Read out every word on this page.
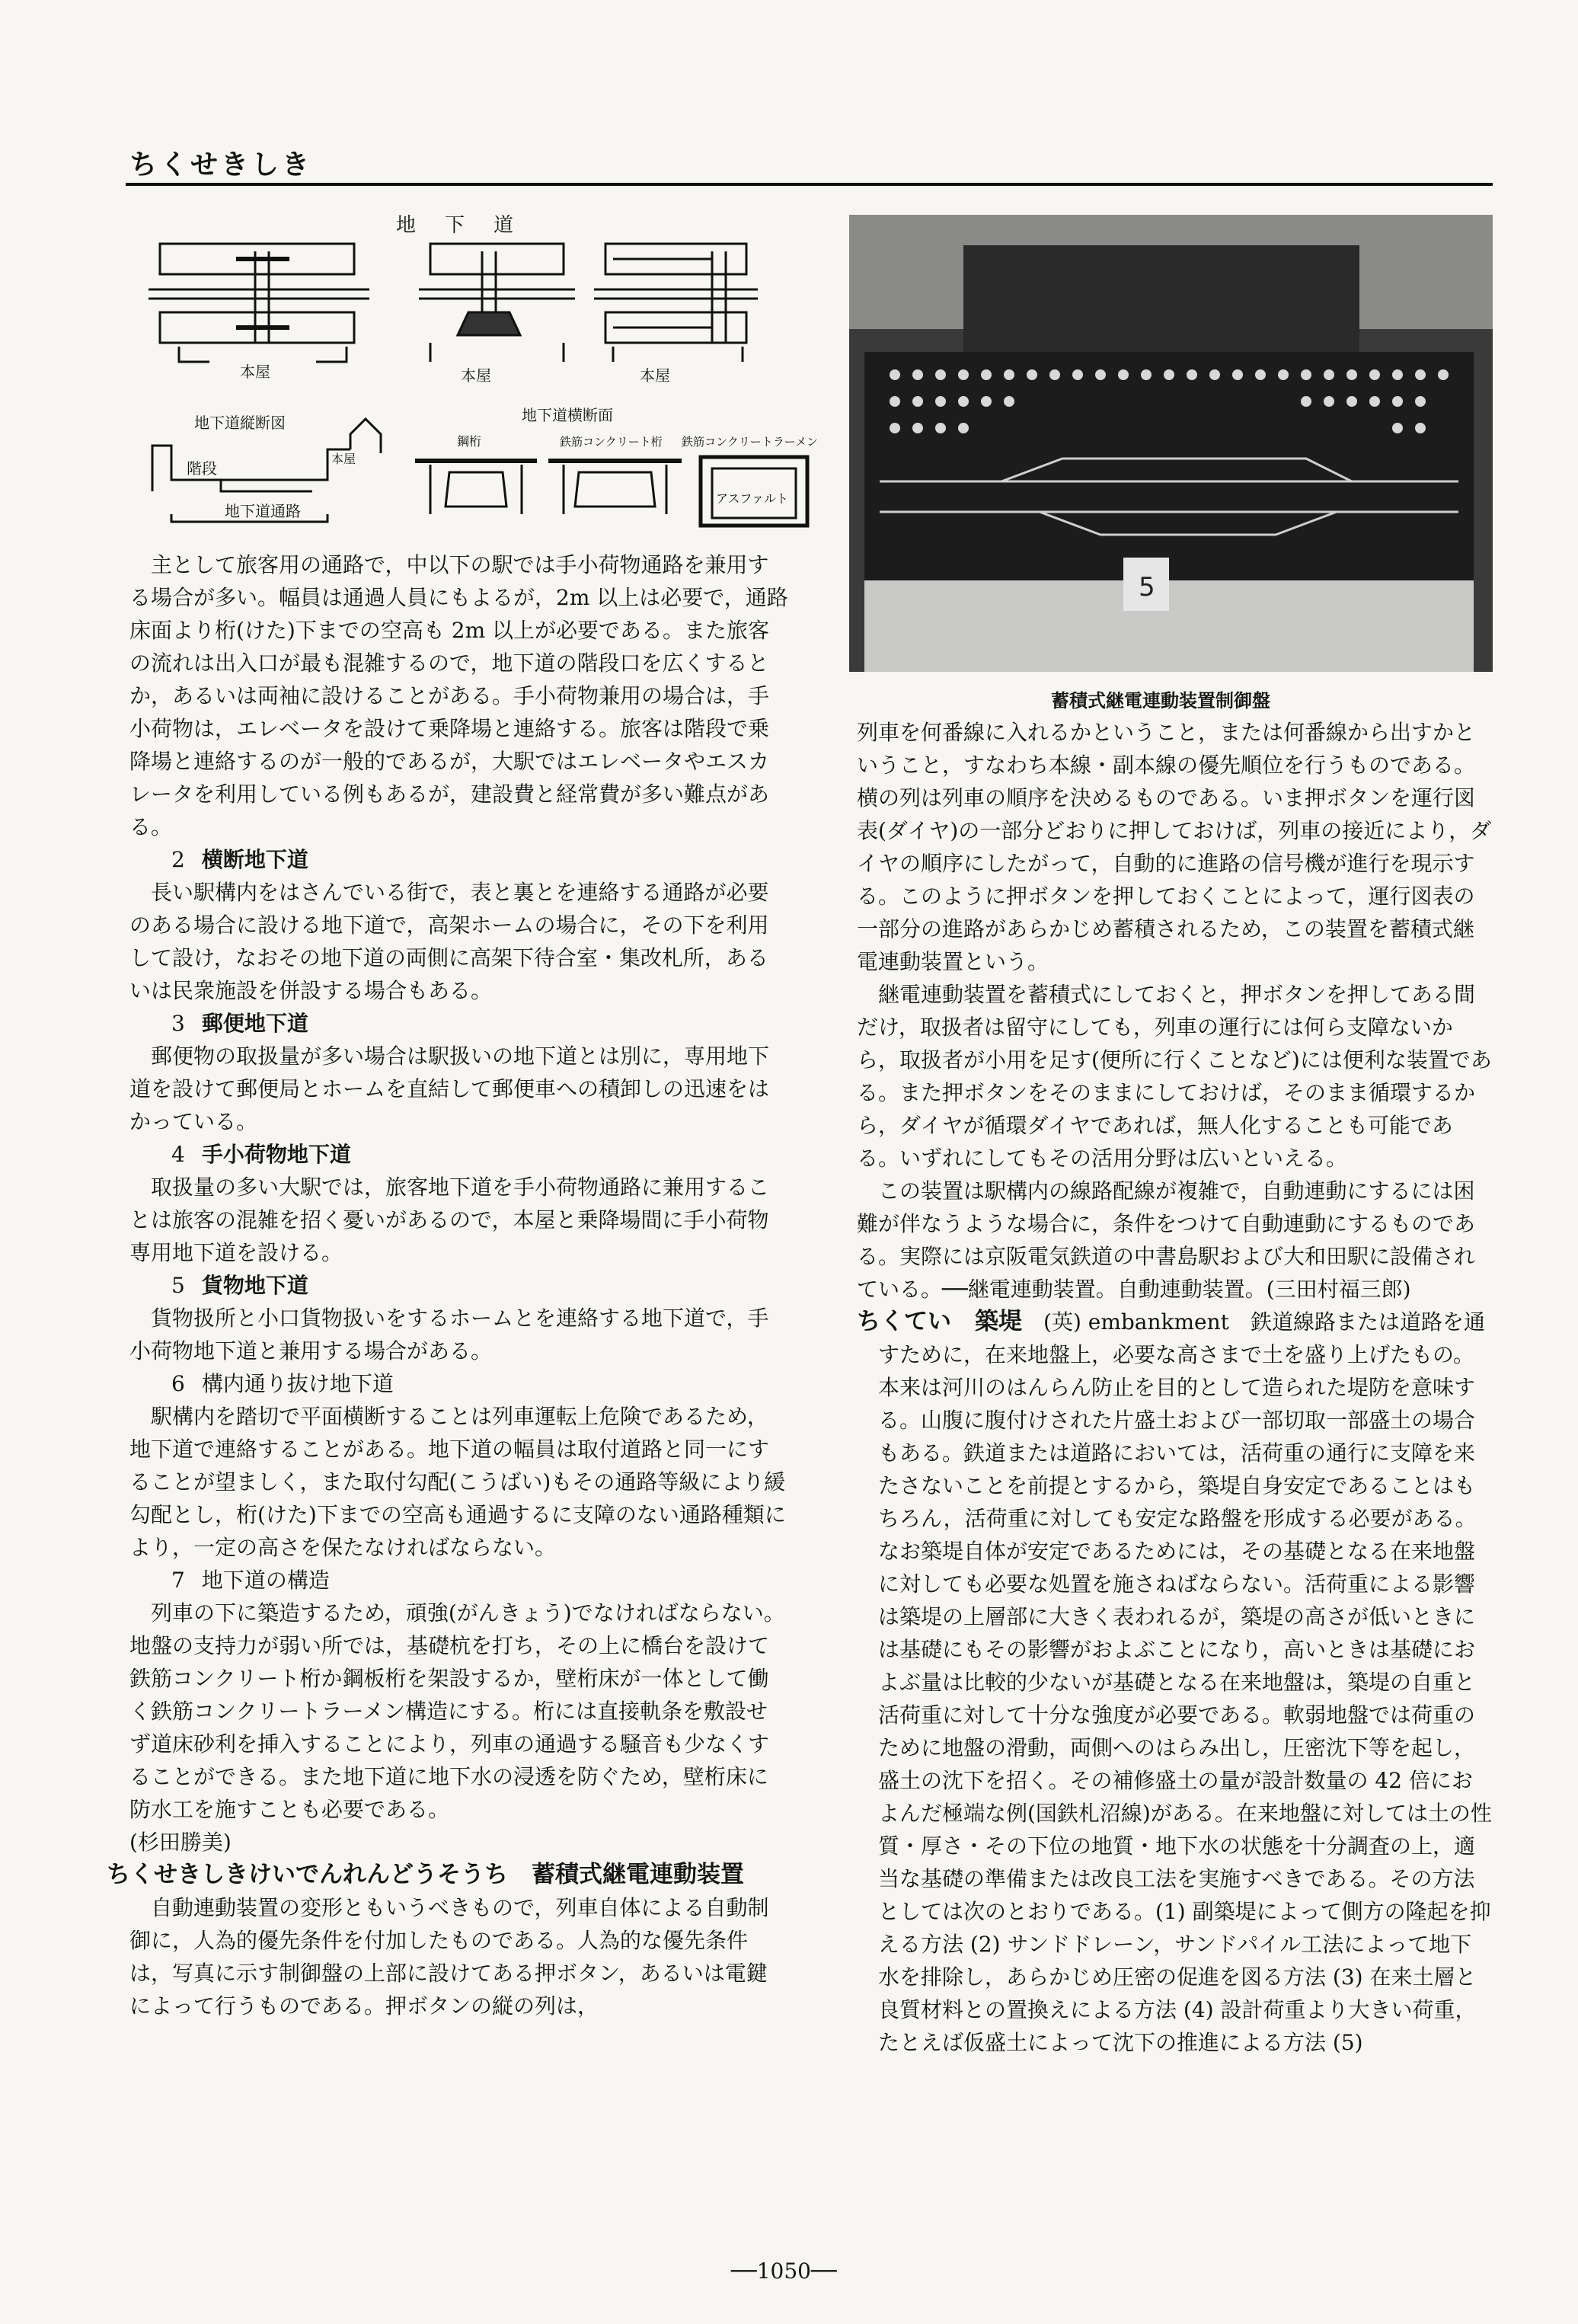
ちくせきしき
地下道
本屋	本屋	本屋
地下道縦断図	地下道横断面
階段
地下道通路
鋼桁	鉄筋コンクリート桁 鉄筋コンクリートラーメン
アスファルト
本屋
5
蓄積式継電連動装置制御盤

主として旅客用の通路で，中以下の駅では手小荷物通路を兼用する場合が多い。幅員は通過人員にもよるが，2m 以上は必要で，通路床面より桁(けた)下までの空高も 2m 以上が必要である。また旅客の流れは出入口が最も混雑するので，地下道の階段口を広くするとか，あるいは両袖に設けることがある。手小荷物兼用の場合は，手小荷物は，エレベータを設けて乗降場と連絡する。旅客は階段で乗降場と連絡するのが一般的であるが，大駅ではエレベータやエスカレータを利用している例もあるが，建設費と経常費が多い難点がある。

2 横断地下道

長い駅構内をはさんでいる街で，表と裏とを連絡する通路が必要のある場合に設ける地下道で，高架ホームの場合に，その下を利用して設け，なおその地下道の両側に高架下待合室・集改札所，あるいは民衆施設を併設する場合もある。

3 郵便地下道

郵便物の取扱量が多い場合は駅扱いの地下道とは別に，専用地下道を設けて郵便局とホームを直結して郵便車への積卸しの迅速をはかっている。

4 手小荷物地下道

取扱量の多い大駅では，旅客地下道を手小荷物通路に兼用することは旅客の混雑を招く憂いがあるので，本屋と乗降場間に手小荷物専用地下道を設ける。

5 貨物地下道

貨物扱所と小口貨物扱いをするホームとを連絡する地下道で，手小荷物地下道と兼用する場合がある。

6 構内通り抜け地下道

駅構内を踏切で平面横断することは列車運転上危険であるため，地下道で連絡することがある。地下道の幅員は取付道路と同一にすることが望ましく，また取付勾配(こうばい)もその通路等級により緩勾配とし，桁(けた)下までの空高も通過するに支障のない通路種類により，一定の高さを保たなければならない。

7 地下道の構造

列車の下に築造するため，頑強(がんきょう)でなければならない。地盤の支持力が弱い所では，基礎杭を打ち，その上に橋台を設けて鉄筋コンクリート桁か鋼板桁を架設するか，壁桁床が一体として働く鉄筋コンクリートラーメン構造にする。桁には直接軌条を敷設せず道床砂利を挿入することにより，列車の通過する騒音も少なくすることができる。また地下道に地下水の浸透を防ぐため，壁桁床に防水工を施すことも必要である。

(杉田勝美)

ちくせきしきけいでんれんどうそうち　蓄積式継電連動装置

自動連動装置の変形ともいうべきもので，列車自体による自動制御に，人為的優先条件を付加したものである。人為的な優先条件は，写真に示す制御盤の上部に設けてある押ボタン，あるいは電鍵によって行うものである。押ボタンの縦の列は，

列車を何番線に入れるかということ，または何番線から出すかということ，すなわち本線・副本線の優先順位を行うものである。横の列は列車の順序を決めるものである。いま押ボタンを運行図表(ダイヤ)の一部分どおりに押しておけば，列車の接近により，ダイヤの順序にしたがって，自動的に進路の信号機が進行を現示する。このように押ボタンを押しておくことによって，運行図表の一部分の進路があらかじめ蓄積されるため，この装置を蓄積式継電連動装置という。

継電連動装置を蓄積式にしておくと，押ボタンを押してある間だけ，取扱者は留守にしても，列車の運行には何ら支障ないから，取扱者が小用を足す(便所に行くことなど)には便利な装置である。また押ボタンをそのままにしておけば，そのまま循環するから，ダイヤが循環ダイヤであれば，無人化することも可能である。いずれにしてもその活用分野は広いといえる。

この装置は駅構内の線路配線が複雑で，自動連動にするには困難が伴なうような場合に，条件をつけて自動連動にするものである。実際には京阪電気鉄道の中書島駅および大和田駅に設備されている。──継電連動装置。自動連動装置。(三田村福三郎)

ちくてい　築堤　 (英) embankment　 鉄道線路または道路を通すために，在来地盤上，必要な高さまで土を盛り上げたもの。本来は河川のはんらん防止を目的として造られた堤防を意味する。山腹に腹付けされた片盛土および一部切取一部盛土の場合もある。鉄道または道路においては，活荷重の通行に支障を来たさないことを前提とするから，築堤自身安定であることはもちろん，活荷重に対しても安定な路盤を形成する必要がある。なお築堤自体が安定であるためには，その基礎となる在来地盤に対しても必要な処置を施さねばならない。活荷重による影響は築堤の上層部に大きく表われるが，築堤の高さが低いときには基礎にもその影響がおよぶことになり，高いときは基礎におよぶ量は比較的少ないが基礎となる在来地盤は，築堤の自重と活荷重に対して十分な強度が必要である。軟弱地盤では荷重のために地盤の滑動，両側へのはらみ出し，圧密沈下等を起し，盛土の沈下を招く。その補修盛土の量が設計数量の 42 倍におよんだ極端な例(国鉄札沼線)がある。在来地盤に対しては土の性質・厚さ・その下位の地質・地下水の状態を十分調査の上，適当な基礎の準備または改良工法を実施すべきである。その方法としては次のとおりである。(1) 副築堤によって側方の隆起を抑える方法 (2) サンドドレーン，サンドパイル工法によって地下水を排除し，あらかじめ圧密の促進を図る方法 (3) 在来土層と良質材料との置換えによる方法 (4) 設計荷重より大きい荷重，たとえば仮盛土によって沈下の推進による方法 (5)

──1050──
